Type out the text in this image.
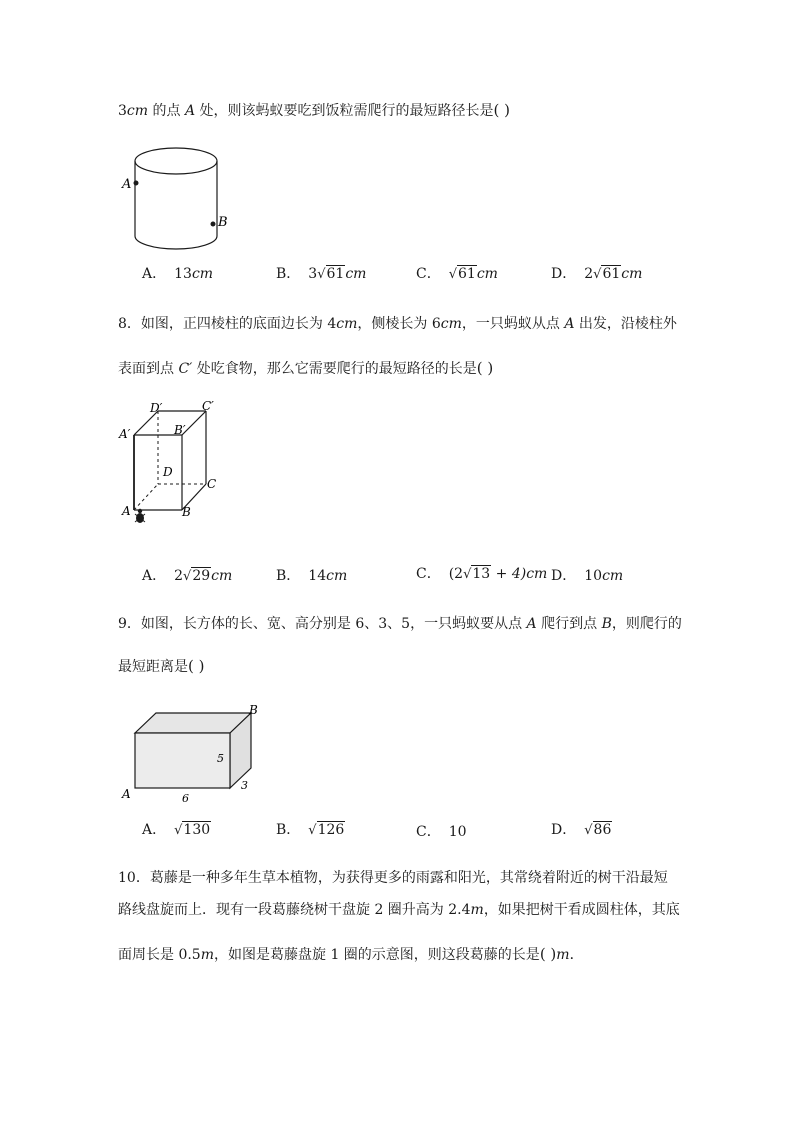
3cm 的点 A 处，则该蚂蚁要吃到饭粒需爬行的最短路径长是( )
A
B
A． 13cm	B． 3√61cm	C． √61cm	D． 2√61cm
8．如图，正四棱柱的底面边长为 4cm，侧棱长为 6cm，一只蚂蚁从点 A 出发，沿棱柱外
表面到点 C′ 处吃食物，那么它需要爬行的最短路径的长是( )
D′	C′
A′	B′
D
C
A	B
A． 2√29cm	B． 14cm	C． (2√13 + 4)cm D． 10cm
9．如图，长方体的长、宽、高分别是 6、3、5，一只蚂蚁要从点 A 爬行到点 B，则爬行的
最短距离是( )
A
B
5
3
6
A． √130	B． √126	C． 10	D． √86
10．葛藤是一种多年生草本植物，为获得更多的雨露和阳光，其常绕着附近的树干沿最短
路线盘旋而上．现有一段葛藤绕树干盘旋 2 圈升高为 2.4m，如果把树干看成圆柱体，其底
面周长是 0.5m，如图是葛藤盘旋 1 圈的示意图，则这段葛藤的长是( )m．
